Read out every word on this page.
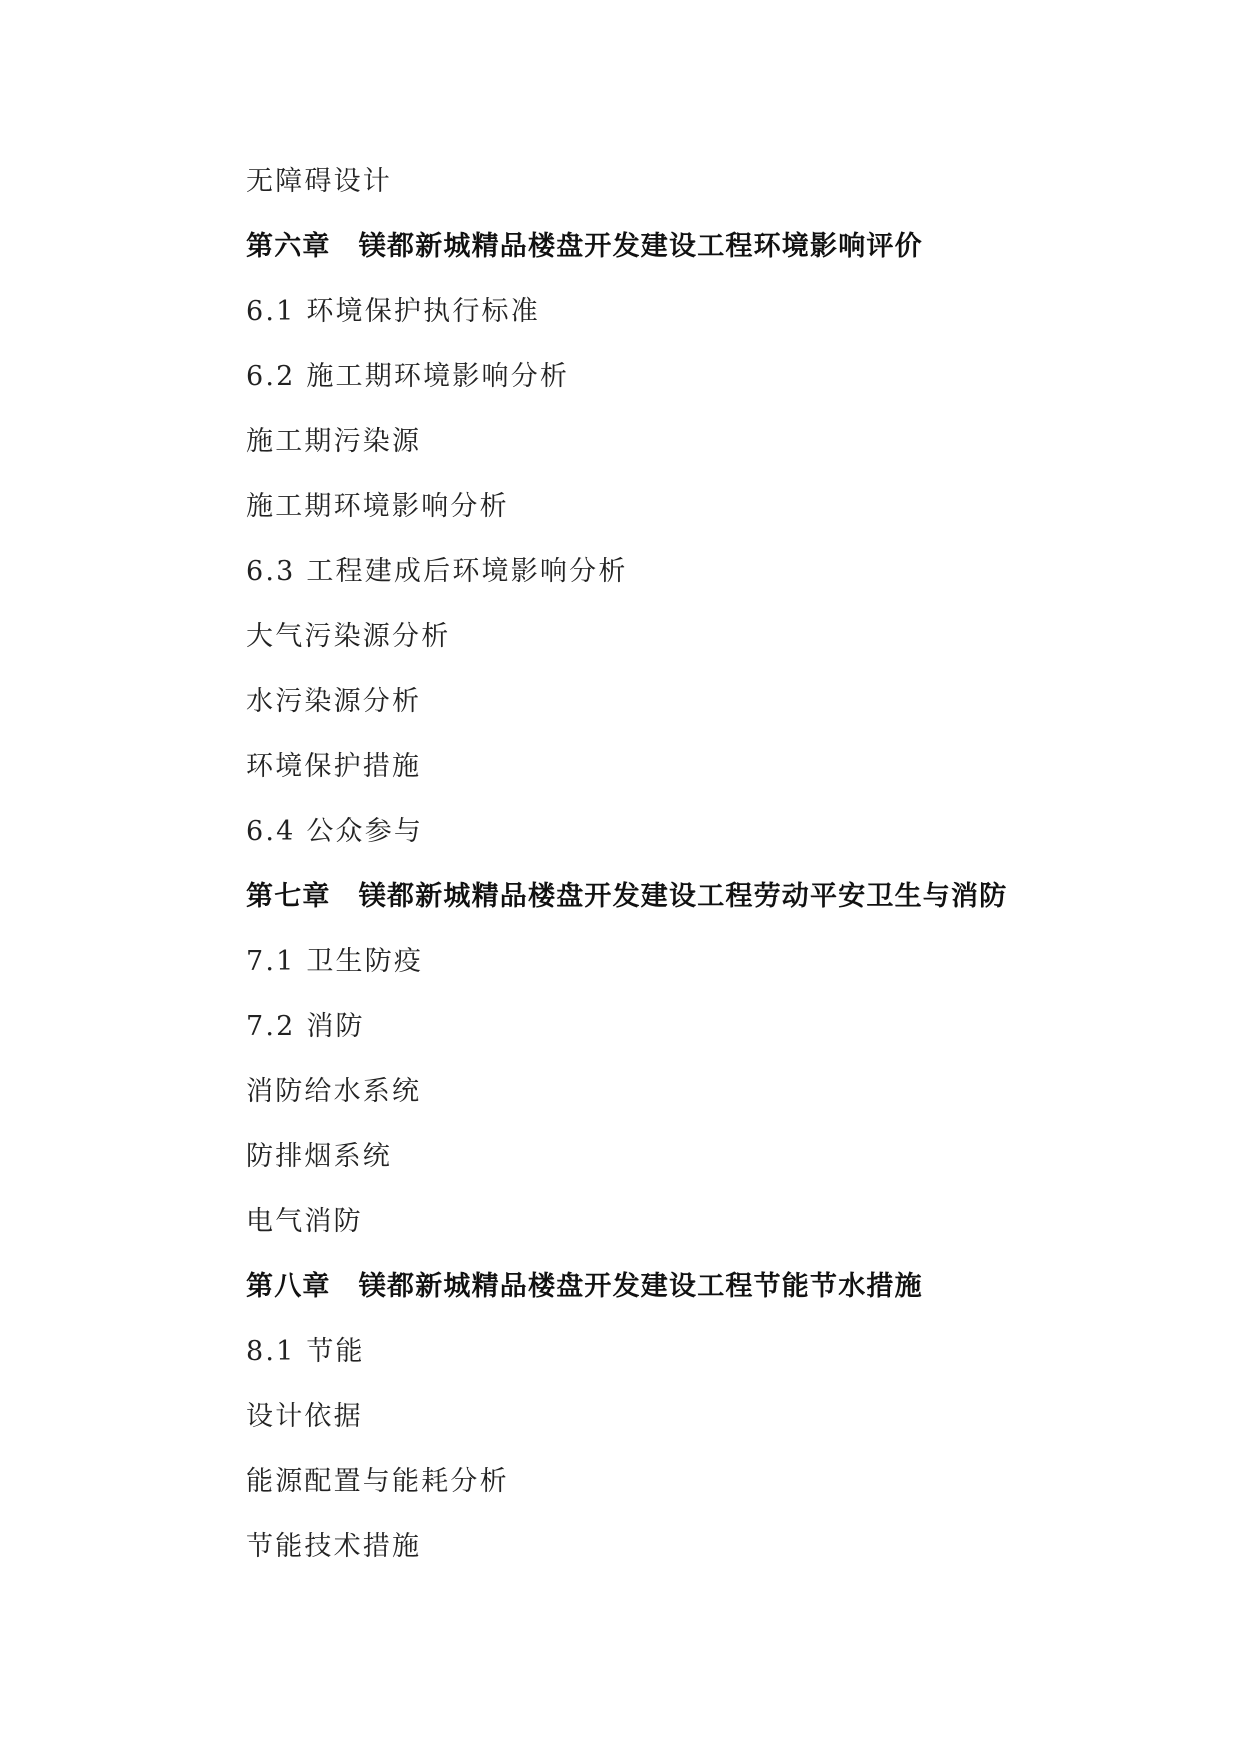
无障碍设计
第六章　镁都新城精品楼盘开发建设工程环境影响评价
6.1 环境保护执行标准
6.2 施工期环境影响分析
施工期污染源
施工期环境影响分析
6.3 工程建成后环境影响分析
大气污染源分析
水污染源分析
环境保护措施
6.4 公众参与
第七章　镁都新城精品楼盘开发建设工程劳动平安卫生与消防
7.1 卫生防疫
7.2 消防
消防给水系统
防排烟系统
电气消防
第八章　镁都新城精品楼盘开发建设工程节能节水措施
8.1 节能
设计依据
能源配置与能耗分析
节能技术措施
